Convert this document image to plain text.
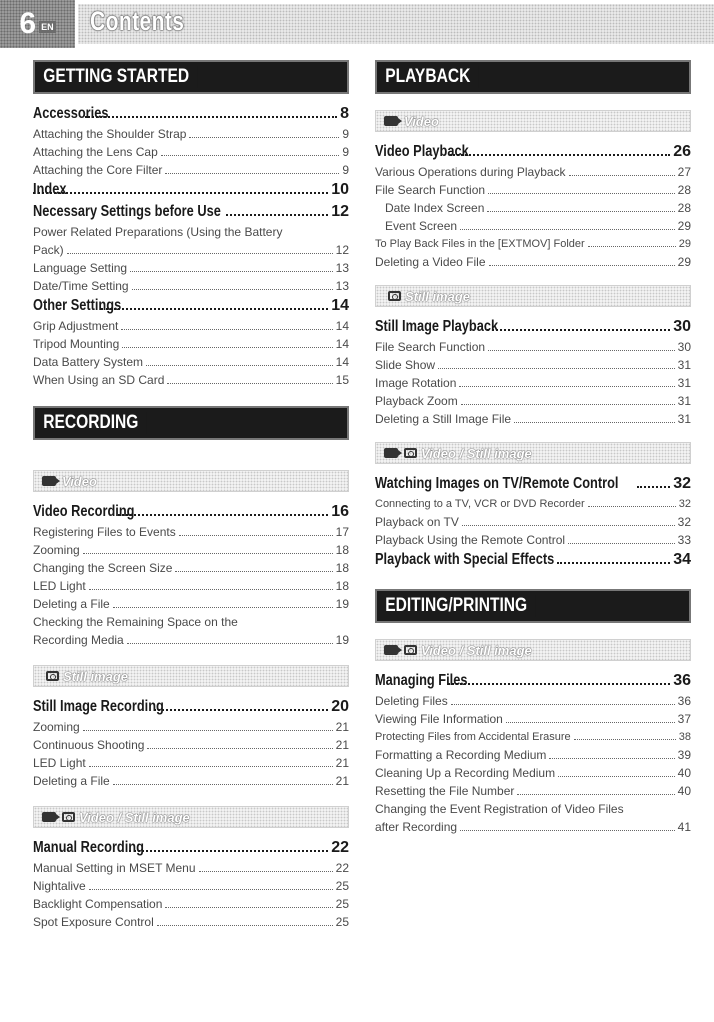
6 EN Contents
GETTING STARTED
Accessories	8
Attaching the Shoulder Strap	9
Attaching the Lens Cap	9
Attaching the Core Filter	9
Index	10
Necessary Settings before Use	12
Power Related Preparations (Using the Battery
Pack)	12
Language Setting	13
Date/Time Setting	13
Other Settings	14
Grip Adjustment	14
Tripod Mounting	14
Data Battery System	14
When Using an SD Card	15
RECORDING
Video
Video Recording	16
Registering Files to Events	17
Zooming	18
Changing the Screen Size	18
LED Light	18
Deleting a File	19
Checking the Remaining Space on the
Recording Media	19
Still image
Still Image Recording	20
Zooming	21
Continuous Shooting	21
LED Light	21
Deleting a File	21
Video / Still image
Manual Recording	22
Manual Setting in MSET Menu	22
Nightalive	25
Backlight Compensation	25
Spot Exposure Control	25
PLAYBACK
Video
Video Playback	26
Various Operations during Playback	27
File Search Function	28
Date Index Screen	28
Event Screen	29
To Play Back Files in the [EXTMOV] Folder	29
Deleting a Video File	29
Still image
Still Image Playback	30
File Search Function	30
Slide Show	31
Image Rotation	31
Playback Zoom	31
Deleting a Still Image File	31
Video / Still image
Watching Images on TV/Remote Control	32
Connecting to a TV, VCR or DVD Recorder	32
Playback on TV	32
Playback Using the Remote Control	33
Playback with Special Effects	34
EDITING/PRINTING
Video / Still image
Managing Files	36
Deleting Files	36
Viewing File Information	37
Protecting Files from Accidental Erasure	38
Formatting a Recording Medium	39
Cleaning Up a Recording Medium	40
Resetting the File Number	40
Changing the Event Registration of Video Files
after Recording	41
